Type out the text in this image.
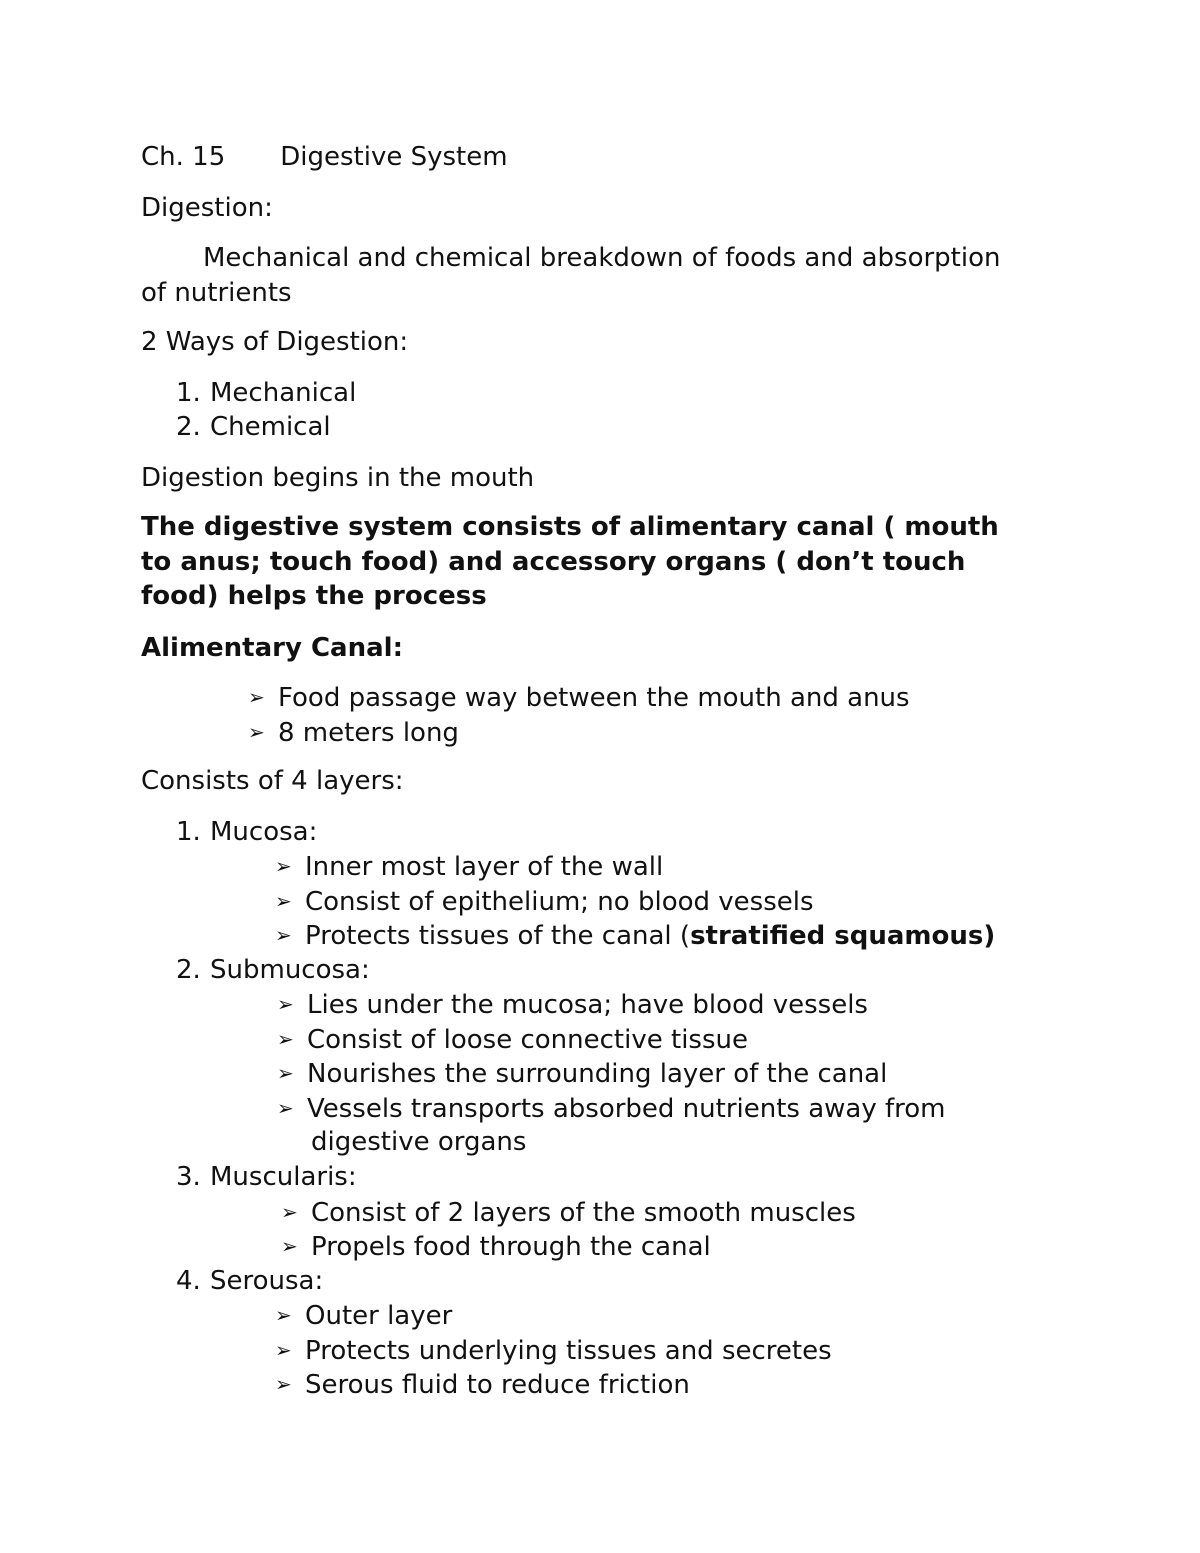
Ch. 15 Digestive System
Digestion:
Mechanical and chemical breakdown of foods and absorption
of nutrients
2 Ways of Digestion:
1. Mechanical
2. Chemical
Digestion begins in the mouth
The digestive system consists of alimentary canal ( mouth
to anus; touch food) and accessory organs ( don’t touch
food) helps the process
Alimentary Canal:
➢ Food passage way between the mouth and anus
➢ 8 meters long
Consists of 4 layers:
1. Mucosa:
➢ Inner most layer of the wall
➢ Consist of epithelium; no blood vessels
➢ Protects tissues of the canal (stratified squamous)
2. Submucosa:
➢ Lies under the mucosa; have blood vessels
➢ Consist of loose connective tissue
➢ Nourishes the surrounding layer of the canal
➢ Vessels transports absorbed nutrients away from
digestive organs
3. Muscularis:
➢ Consist of 2 layers of the smooth muscles
➢ Propels food through the canal
4. Serousa:
➢ Outer layer
➢ Protects underlying tissues and secretes
➢ Serous fluid to reduce friction
